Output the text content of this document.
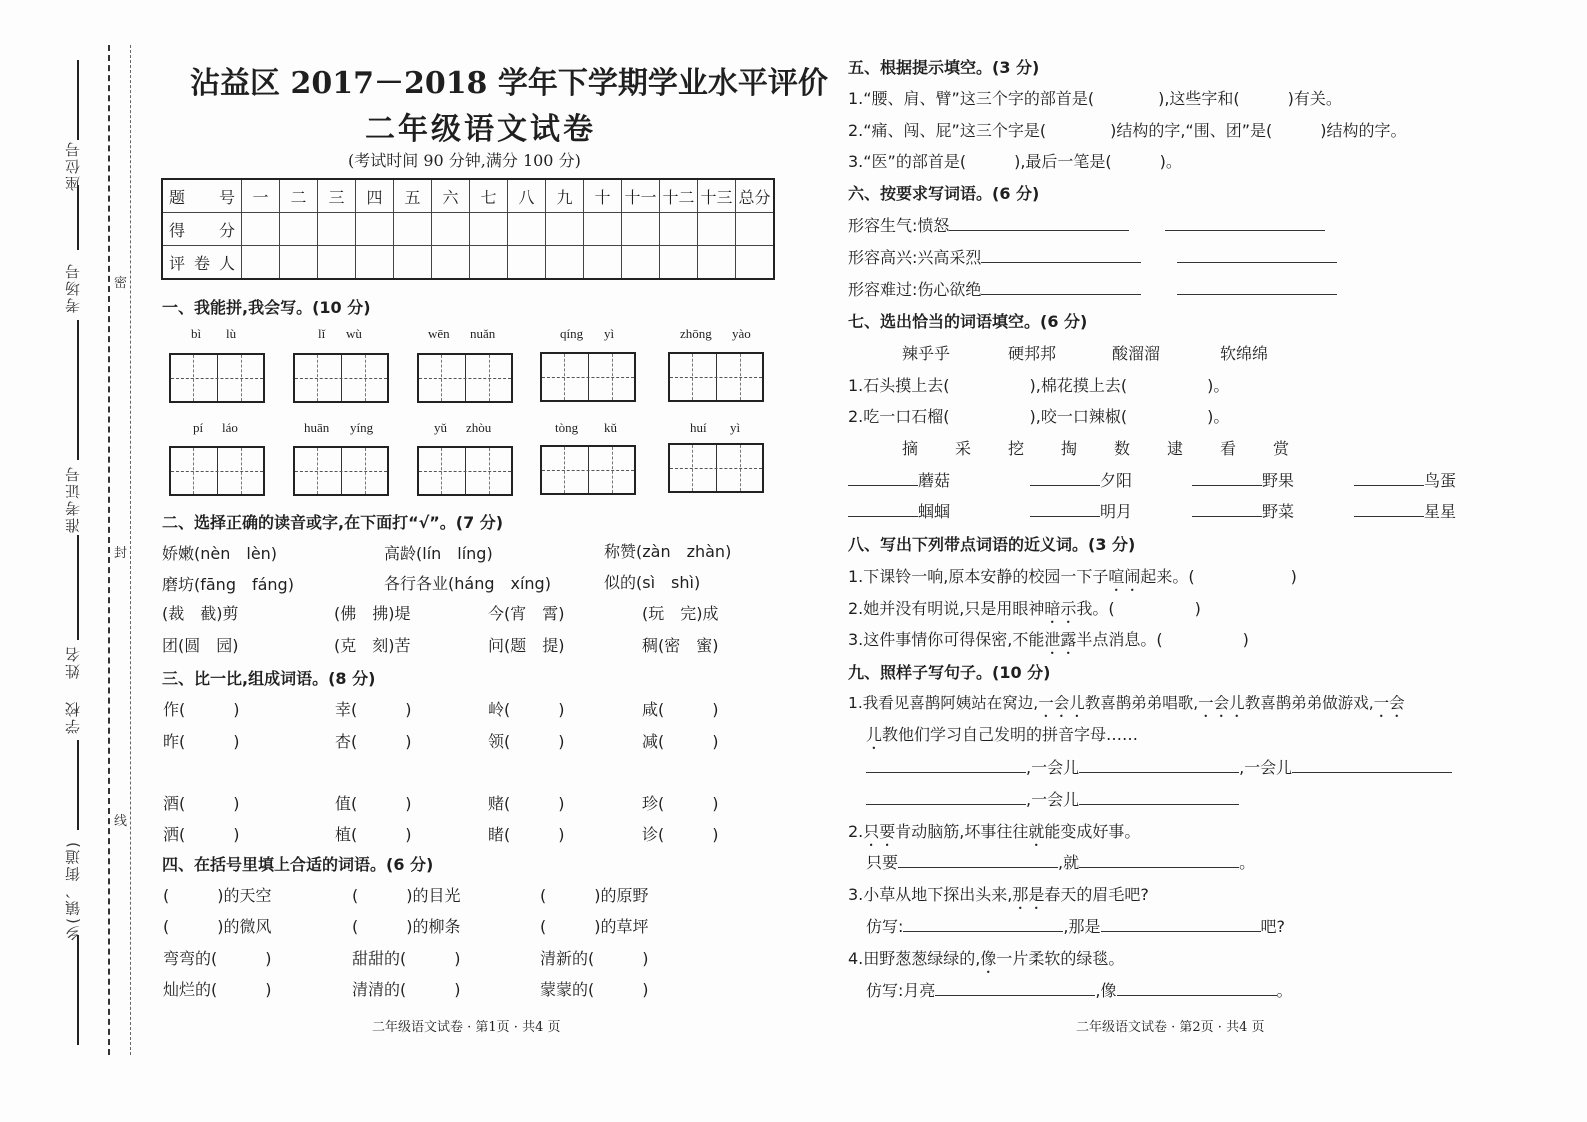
座位号
考场号
准考证号
姓名
学校
乡(镇、街道)
密
封
线
沾益区 2017－2018 学年下学期学业水平评价
二年级语文试卷
(考试时间 90 分钟,满分 100 分)
题　号	一	二	三	四	五	六	七	八	九	十	十一	十二	十三	总分
得　分														
评卷人														
一、我能拼,我会写。(10 分)
bì lù	lǐ wù	wēn nuǎn	qíng yì	zhōng yào
pí láo	huān yíng	yǔ zhòu	tòng kǔ	huí yì
二、选择正确的读音或字,在下面打“√”。(7 分)
娇嫩(nèn　lèn)	高龄(lín　líng)	称赞(zàn　zhàn)
磨坊(fāng　fáng)	各行各业(háng　xíng)	似的(sì　shì)
(裁　截)剪	(佛　拂)堤	今(宵　霄)	(玩　完)成
团(圆　园)	(克　刻)苦	问(题　提)	稠(密　蜜)
三、比一比,组成词语。(8 分)
作(　　　)	幸(　　　)	岭(　　　)	咸(　　　)
昨(　　　)	杏(　　　)	领(　　　)	减(　　　)
酒(　　　)	值(　　　)	赌(　　　)	珍(　　　)
洒(　　　)	植(　　　)	睹(　　　)	诊(　　　)
四、在括号里填上合适的词语。(6 分)
(　　　)的天空	(　　　)的目光	(　　　)的原野
(　　　)的微风	(　　　)的柳条	(　　　)的草坪
弯弯的(　　　)	甜甜的(　　　)	清新的(　　　)
灿烂的(　　　)	清清的(　　　)	蒙蒙的(　　　)
二年级语文试卷 · 第1页 · 共4 页
五、根据提示填空。(3 分)
1.“腰、肩、臂”这三个字的部首是(　　　　),这些字和(　　　)有关。
2.“痛、闯、屁”这三个字是(　　　　)结构的字,“围、团”是(　　　)结构的字。
3.“医”的部首是(　　　),最后一笔是(　　　)。
六、按要求写词语。(6 分)
形容生气:愤怒
形容高兴:兴高采烈
形容难过:伤心欲绝
七、选出恰当的词语填空。(6 分)
辣乎乎	硬邦邦	酸溜溜	软绵绵
1.石头摸上去(　　　　　),棉花摸上去(　　　　　)。
2.吃一口石榴(　　　　　),咬一口辣椒(　　　　　)。
摘 采 挖 掏 数 逮 看 赏
蘑菇	夕阳	野果	鸟蛋
蝈蝈	明月	野菜	星星
八、写出下列带点词语的近义词。(3 分)
1.下课铃一响,原本安静的校园一下子喧闹起来。(　　　　　　)
2.她并没有明说,只是用眼神暗示我。(　　　　　)
3.这件事情你可得保密,不能泄露半点消息。(　　　　　)
九、照样子写句子。(10 分)
1.我看见喜鹊阿姨站在窝边,一会儿教喜鹊弟弟唱歌,一会儿教喜鹊弟弟做游戏,一会
儿教他们学习自己发明的拼音字母……
,一会儿	,一会儿
,一会儿
2.只要肯动脑筋,坏事往往就能变成好事。
只要	,就	。
3.小草从地下探出头来,那是春天的眉毛吧?
仿写:	,那是	吧?
4.田野葱葱绿绿的,像一片柔软的绿毯。
仿写:月亮	,像	。
二年级语文试卷 · 第2页 · 共4 页
